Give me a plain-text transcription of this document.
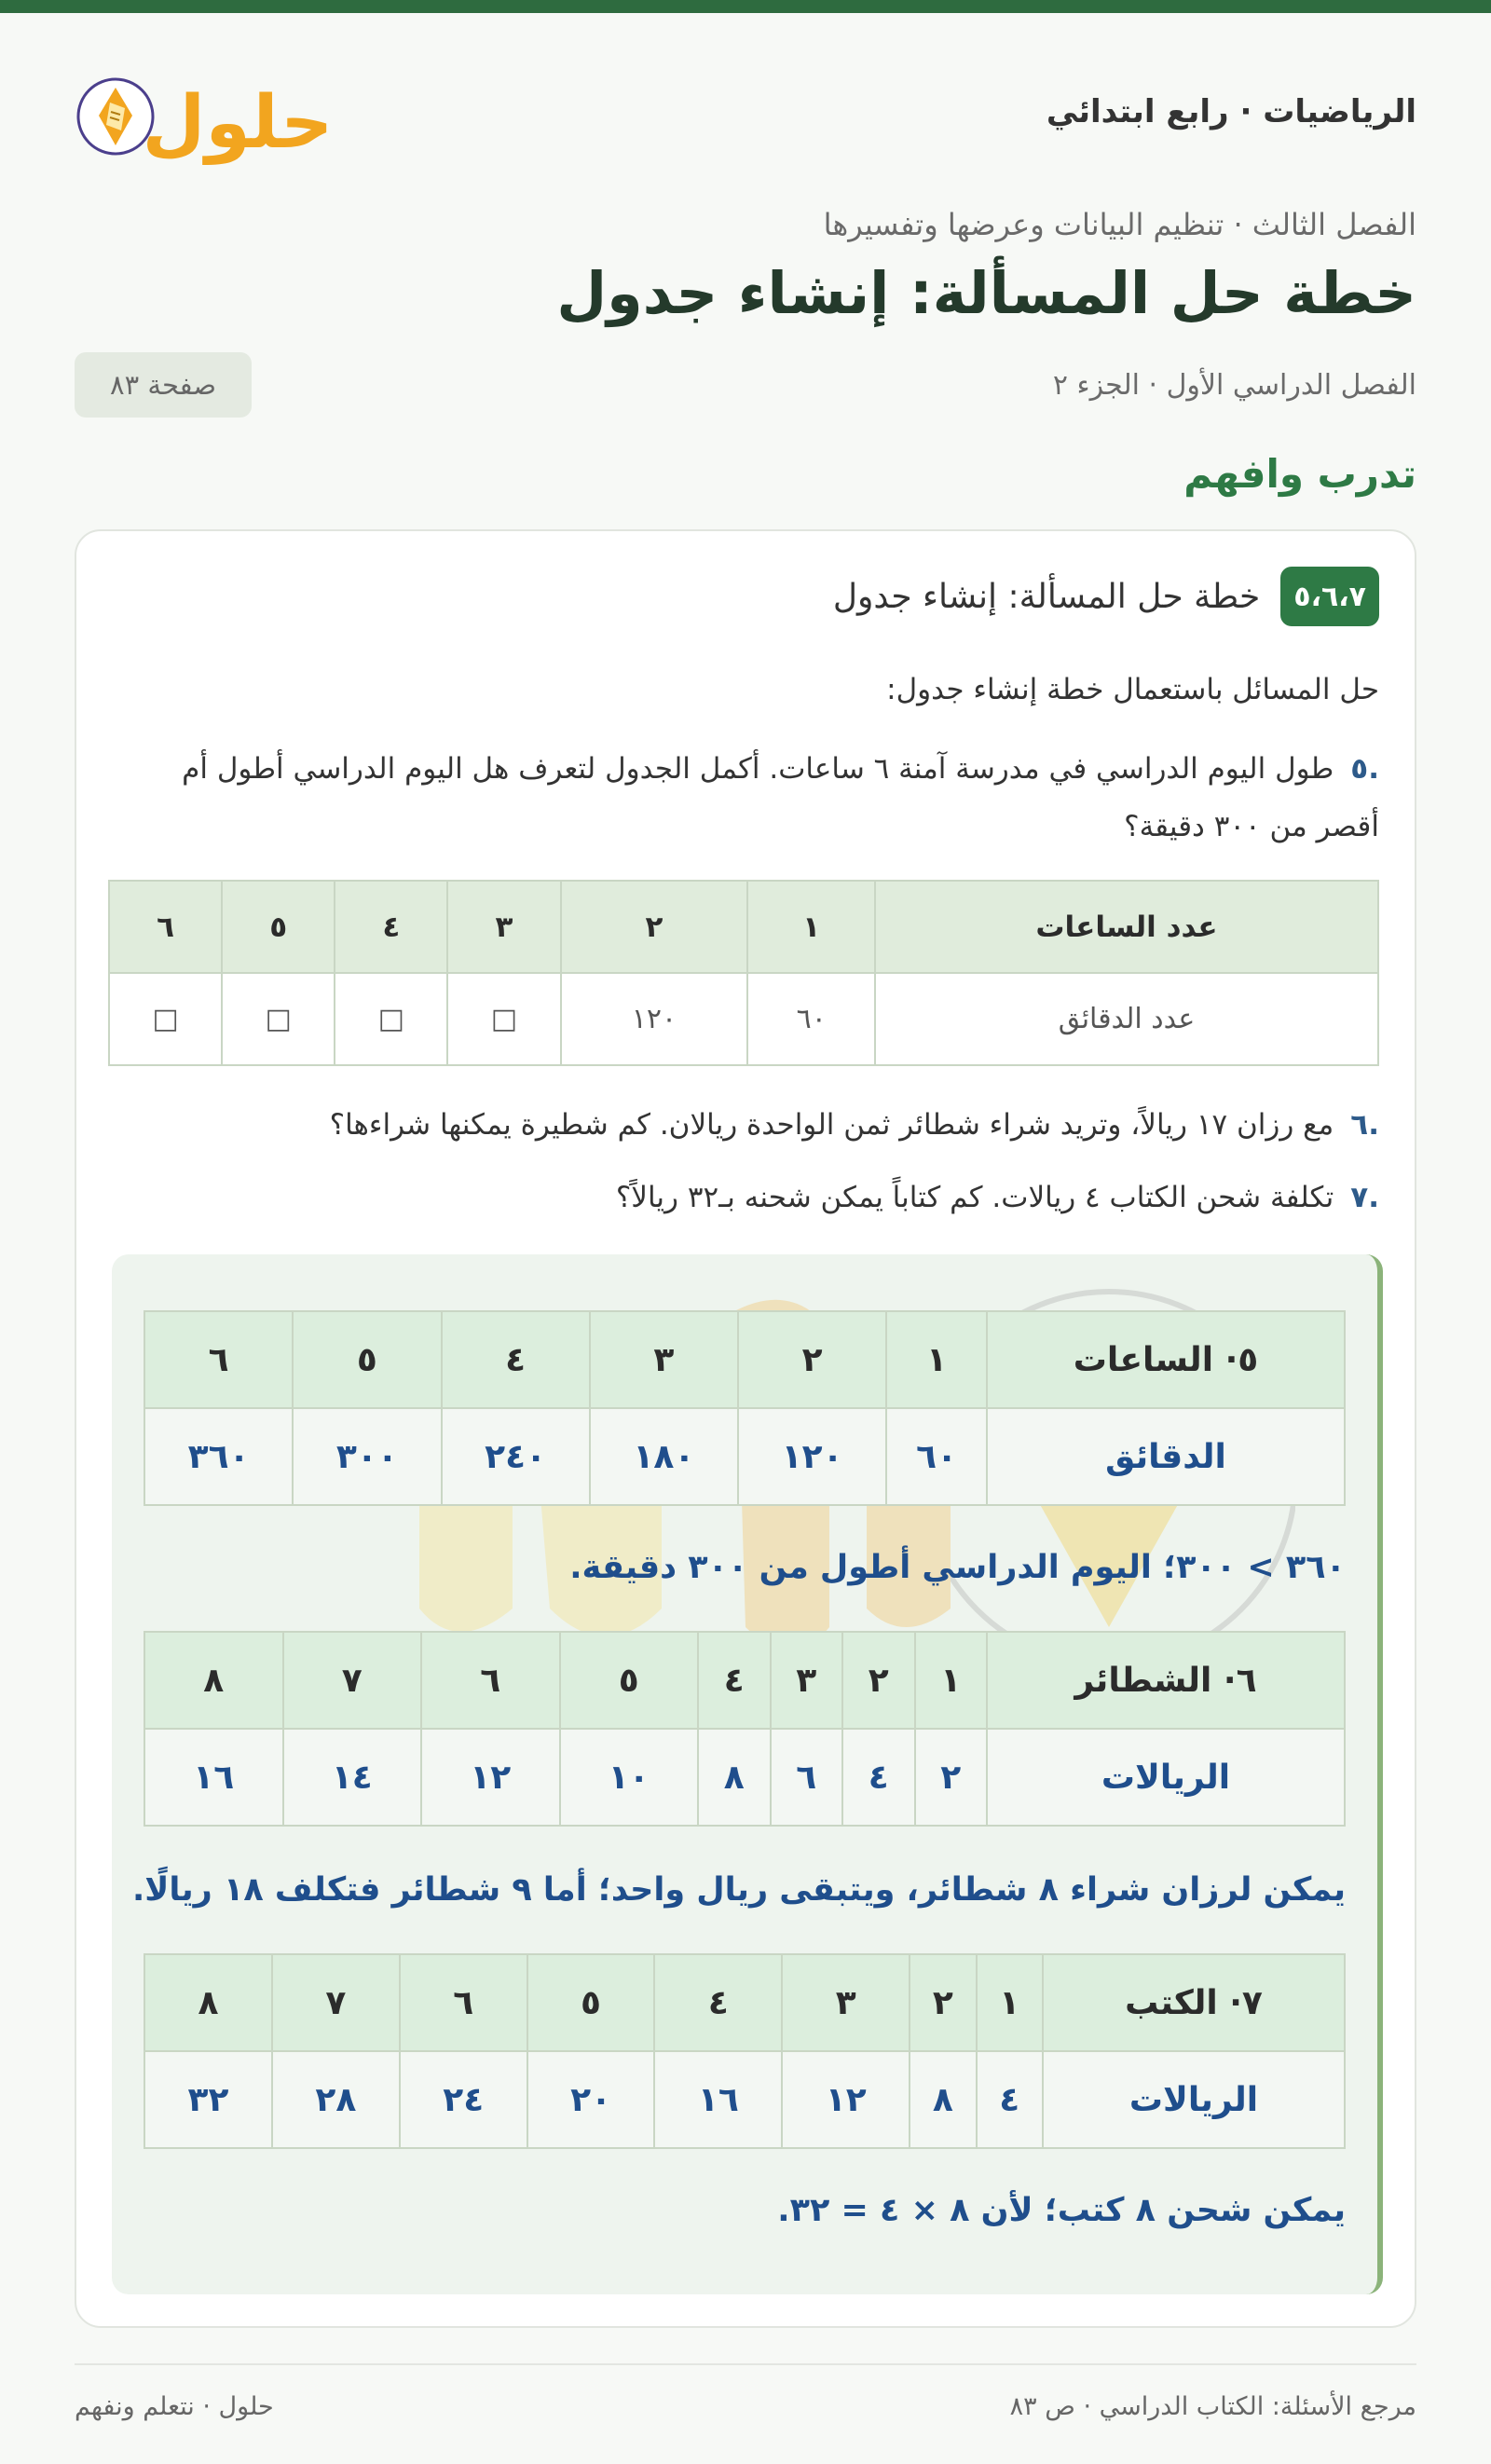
الرياضيات · رابع ابتدائي
حلول
الفصل الثالث · تنظيم البيانات وعرضها وتفسيرها
خطة حل المسألة: إنشاء جدول
الفصل الدراسي الأول · الجزء ٢
صفحة ٨٣
تدرب وافهم
٥،٦،٧
خطة حل المسألة: إنشاء جدول
حل المسائل باستعمال خطة إنشاء جدول:
.٥طول اليوم الدراسي في مدرسة آمنة ٦ ساعات. أكمل الجدول لتعرف هل اليوم الدراسي أطول أم أقصر من ٣٠٠ دقيقة؟
عدد الساعات	١	٢	٣	٤	٥	٦
عدد الدقائق	٦٠	١٢٠	□	□	□	□
.٦مع رزان ١٧ ريالاً، وتريد شراء شطائر ثمن الواحدة ريالان. كم شطيرة يمكنها شراءها؟
.٧تكلفة شحن الكتاب ٤ ريالات. كم كتاباً يمكن شحنه بـ٣٢ ريالاً؟
٥· الساعات	١	٢	٣	٤	٥	٦
الدقائق	٦٠	١٢٠	١٨٠	٢٤٠	٣٠٠	٣٦٠
٣٦٠ > ٣٠٠؛ اليوم الدراسي أطول من ٣٠٠ دقيقة.
٦· الشطائر	١	٢	٣	٤	٥	٦	٧	٨
الريالات	٢	٤	٦	٨	١٠	١٢	١٤	١٦
يمكن لرزان شراء ٨ شطائر، ويتبقى ريال واحد؛ أما ٩ شطائر فتكلف ١٨ ريالًا.
٧· الكتب	١	٢	٣	٤	٥	٦	٧	٨
الريالات	٤	٨	١٢	١٦	٢٠	٢٤	٢٨	٣٢
يمكن شحن ٨ كتب؛ لأن ٨ × ٤ = ٣٢.
مرجع الأسئلة: الكتاب الدراسي · ص ٨٣
حلول · نتعلم ونفهم
